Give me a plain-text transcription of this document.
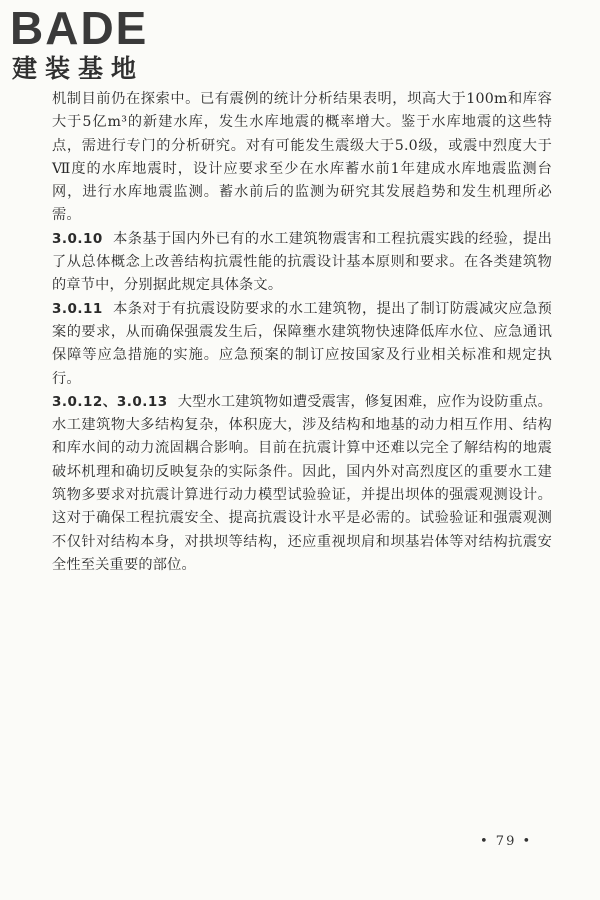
BADE
建装基地

机制目前仍在探索中。已有震例的统计分析结果表明，坝高大于100m和库容大于5亿m³的新建水库，发生水库地震的概率增大。鉴于水库地震的这些特点，需进行专门的分析研究。对有可能发生震级大于5.0级，或震中烈度大于Ⅶ度的水库地震时，设计应要求至少在水库蓄水前1年建成水库地震监测台网，进行水库地震监测。蓄水前后的监测为研究其发展趋势和发生机理所必需。

3.0.10 本条基于国内外已有的水工建筑物震害和工程抗震实践的经验，提出了从总体概念上改善结构抗震性能的抗震设计基本原则和要求。在各类建筑物的章节中，分别据此规定具体条文。

3.0.11 本条对于有抗震设防要求的水工建筑物，提出了制订防震减灾应急预案的要求，从而确保强震发生后，保障壅水建筑物快速降低库水位、应急通讯保障等应急措施的实施。应急预案的制订应按国家及行业相关标准和规定执行。

3.0.12、3.0.13 大型水工建筑物如遭受震害，修复困难，应作为设防重点。水工建筑物大多结构复杂，体积庞大，涉及结构和地基的动力相互作用、结构和库水间的动力流固耦合影响。目前在抗震计算中还难以完全了解结构的地震破坏机理和确切反映复杂的实际条件。因此，国内外对高烈度区的重要水工建筑物多要求对抗震计算进行动力模型试验验证，并提出坝体的强震观测设计。这对于确保工程抗震安全、提高抗震设计水平是必需的。试验验证和强震观测不仅针对结构本身，对拱坝等结构，还应重视坝肩和坝基岩体等对结构抗震安全性至关重要的部位。

• 79 •
